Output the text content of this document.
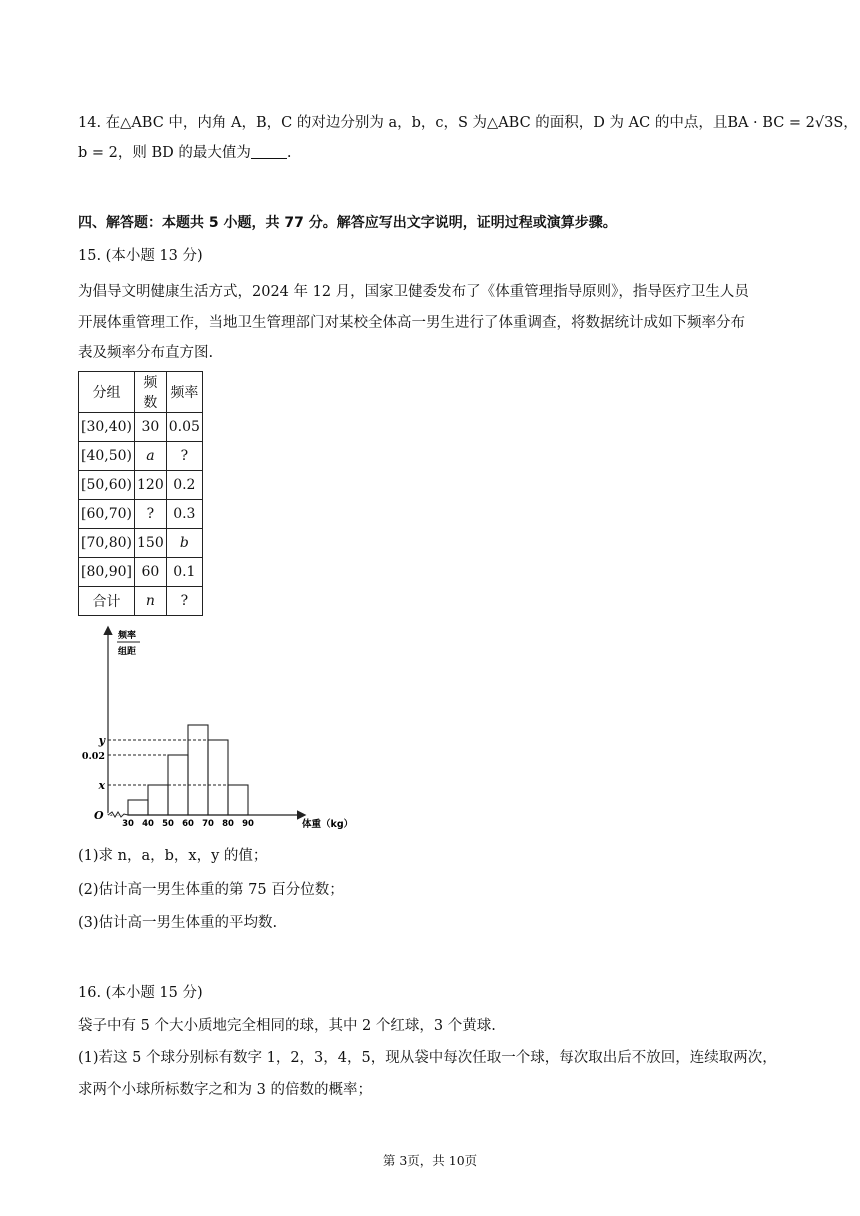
14. 在△ABC 中，内角 A，B，C 的对边分别为 a，b，c，S 为△ABC 的面积，D 为 AC 的中点，且BA · BC = 2√3S，
b = 2，则 BD 的最大值为 .
四、解答题：本题共 5 小题，共 77 分。解答应写出文字说明，证明过程或演算步骤。
15. (本小题 13 分)
为倡导文明健康生活方式，2024 年 12 月，国家卫健委发布了《体重管理指导原则》，指导医疗卫生人员
开展体重管理工作，当地卫生管理部门对某校全体高一男生进行了体重调查，将数据统计成如下频率分布
表及频率分布直方图.
分组	频数	频率
[30,40)	30	0.05
[40,50)	a	?
[50,60)	120	0.2
[60,70)	?	0.3
[70,80)	150	b
[80,90]	60	0.1
合计	n	?
O
频率
组距
y
0.02
x
30 40 50 60 70 80 90	体重（kg）
(1)求 n，a，b，x，y 的值；
(2)估计高一男生体重的第 75 百分位数；
(3)估计高一男生体重的平均数.
16. (本小题 15 分)
袋子中有 5 个大小质地完全相同的球，其中 2 个红球，3 个黄球.
(1)若这 5 个球分别标有数字 1，2，3，4，5，现从袋中每次任取一个球，每次取出后不放回，连续取两次，
求两个小球所标数字之和为 3 的倍数的概率；
第 3页，共 10页
